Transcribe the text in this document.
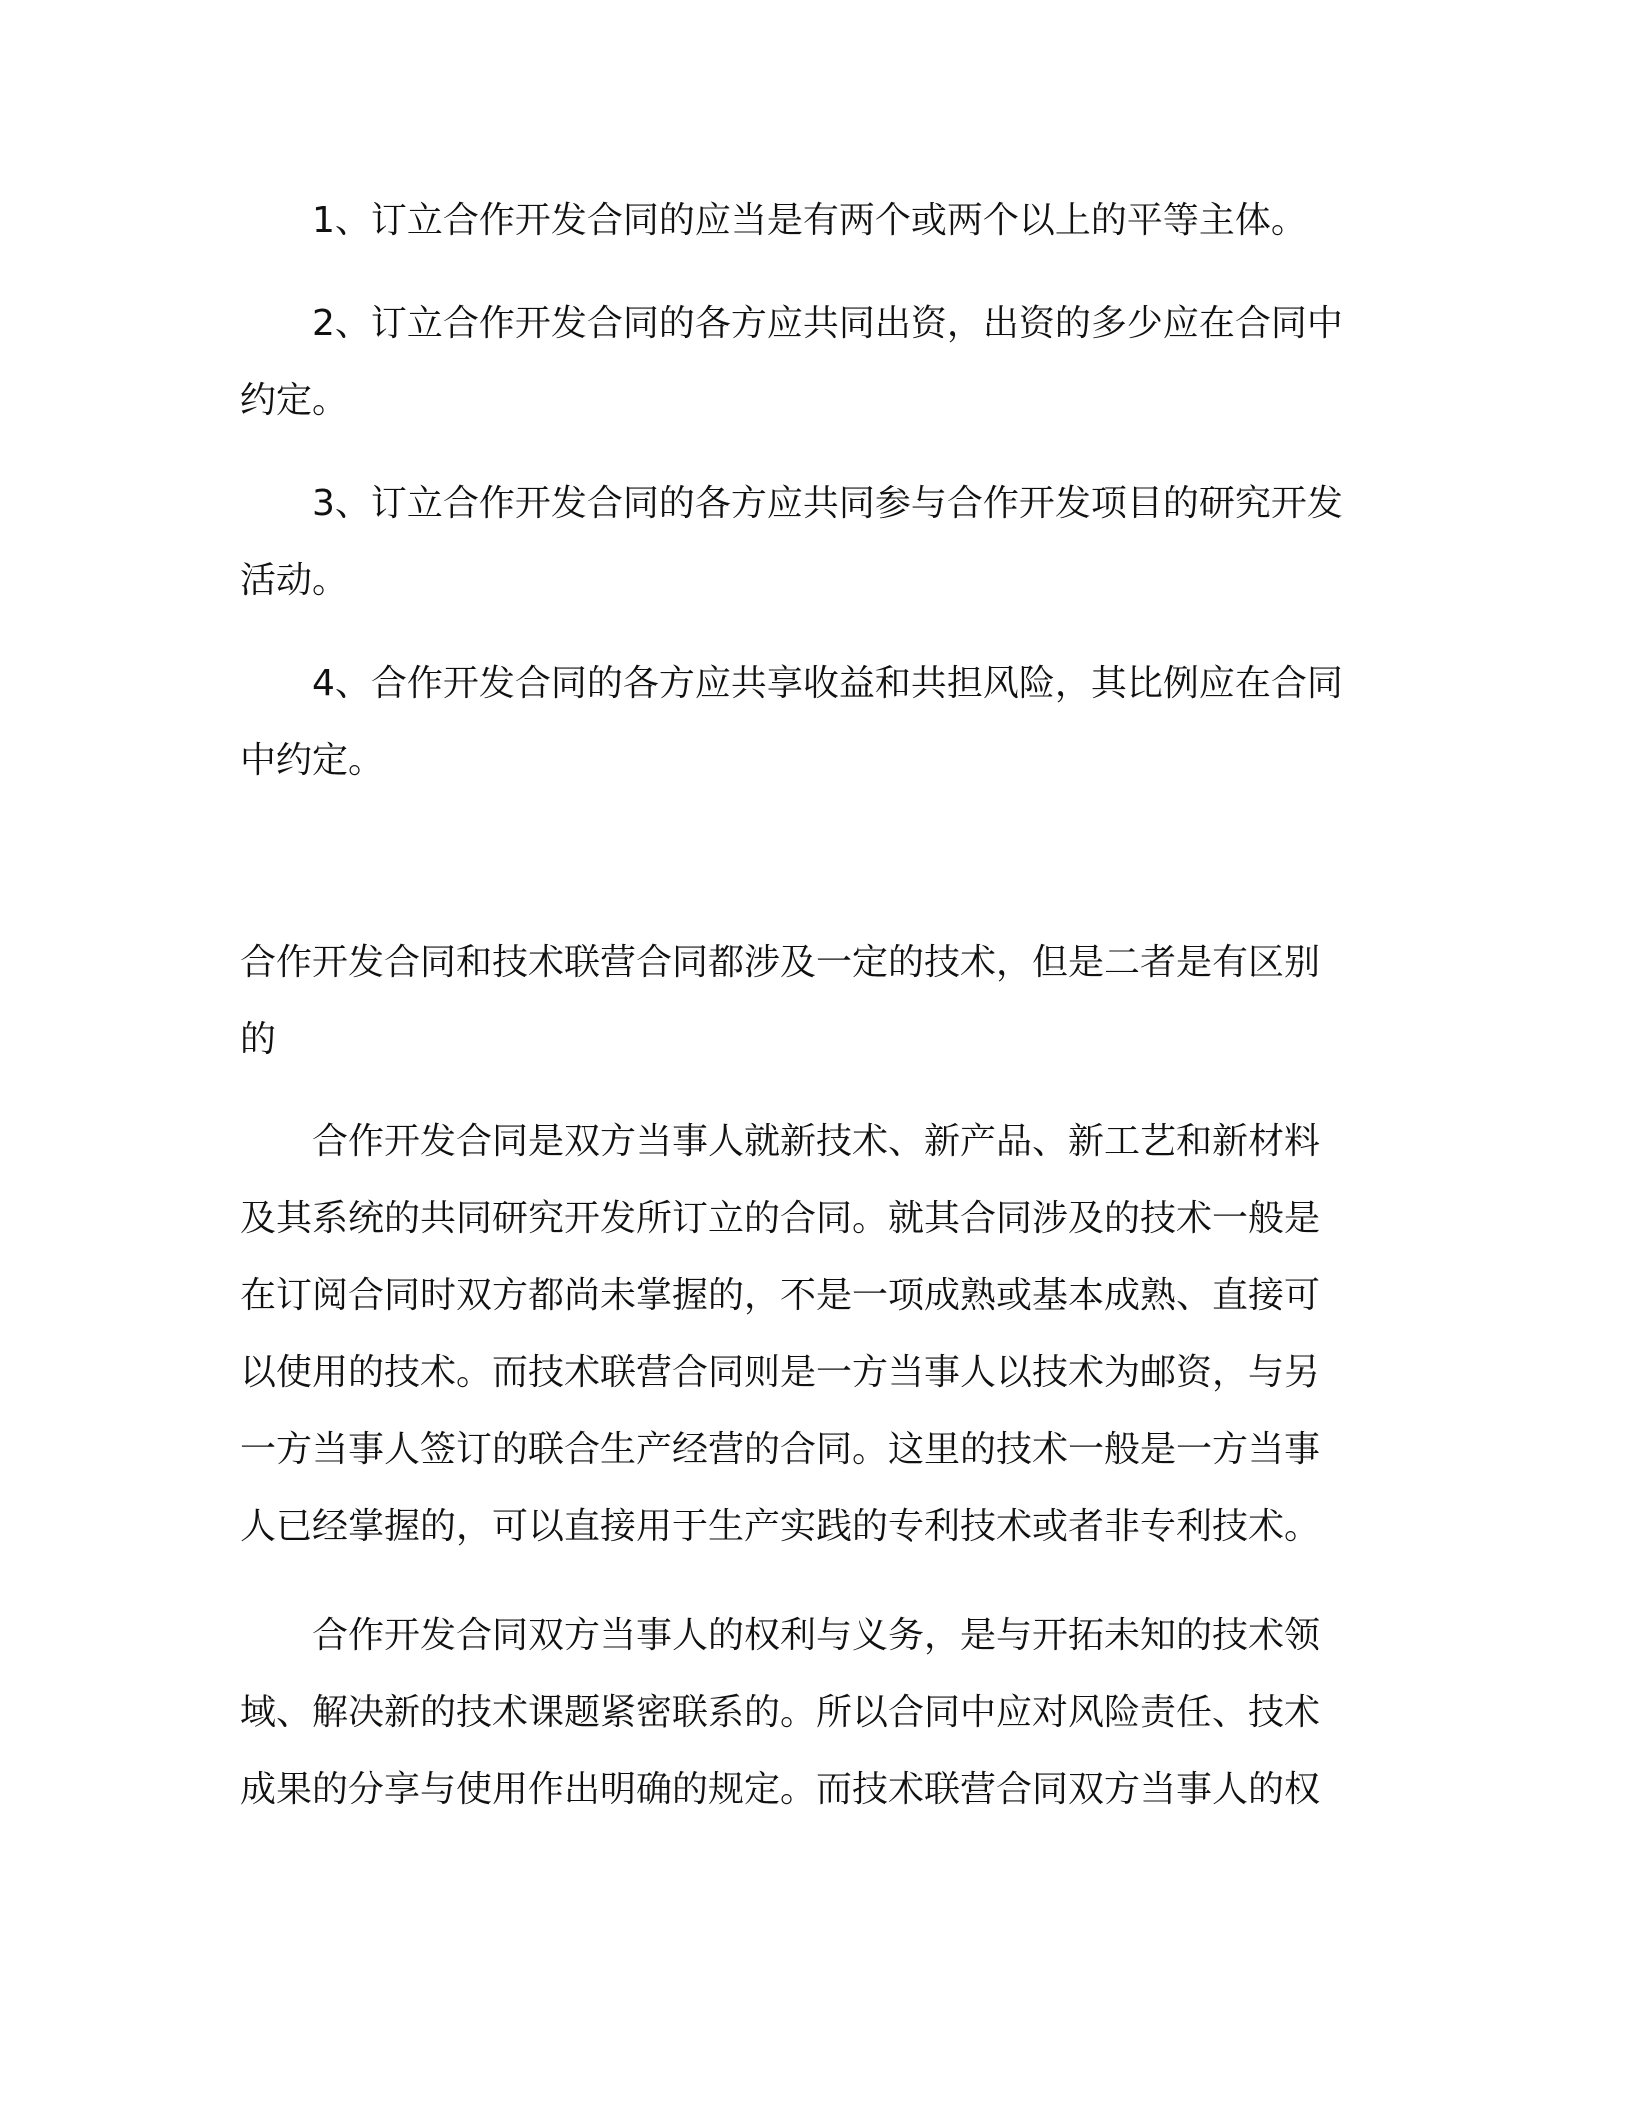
1、订立合作开发合同的应当是有两个或两个以上的平等主体。
2、订立合作开发合同的各方应共同出资，出资的多少应在合同中
约定。
3、订立合作开发合同的各方应共同参与合作开发项目的研究开发
活动。
4、合作开发合同的各方应共享收益和共担风险，其比例应在合同
中约定。
合作开发合同和技术联营合同都涉及一定的技术，但是二者是有区别
的
合作开发合同是双方当事人就新技术、新产品、新工艺和新材料
及其系统的共同研究开发所订立的合同。就其合同涉及的技术一般是
在订阅合同时双方都尚未掌握的，不是一项成熟或基本成熟、直接可
以使用的技术。而技术联营合同则是一方当事人以技术为邮资，与另
一方当事人签订的联合生产经营的合同。这里的技术一般是一方当事
人已经掌握的，可以直接用于生产实践的专利技术或者非专利技术。
合作开发合同双方当事人的权利与义务，是与开拓未知的技术领
域、解决新的技术课题紧密联系的。所以合同中应对风险责任、技术
成果的分享与使用作出明确的规定。而技术联营合同双方当事人的权
